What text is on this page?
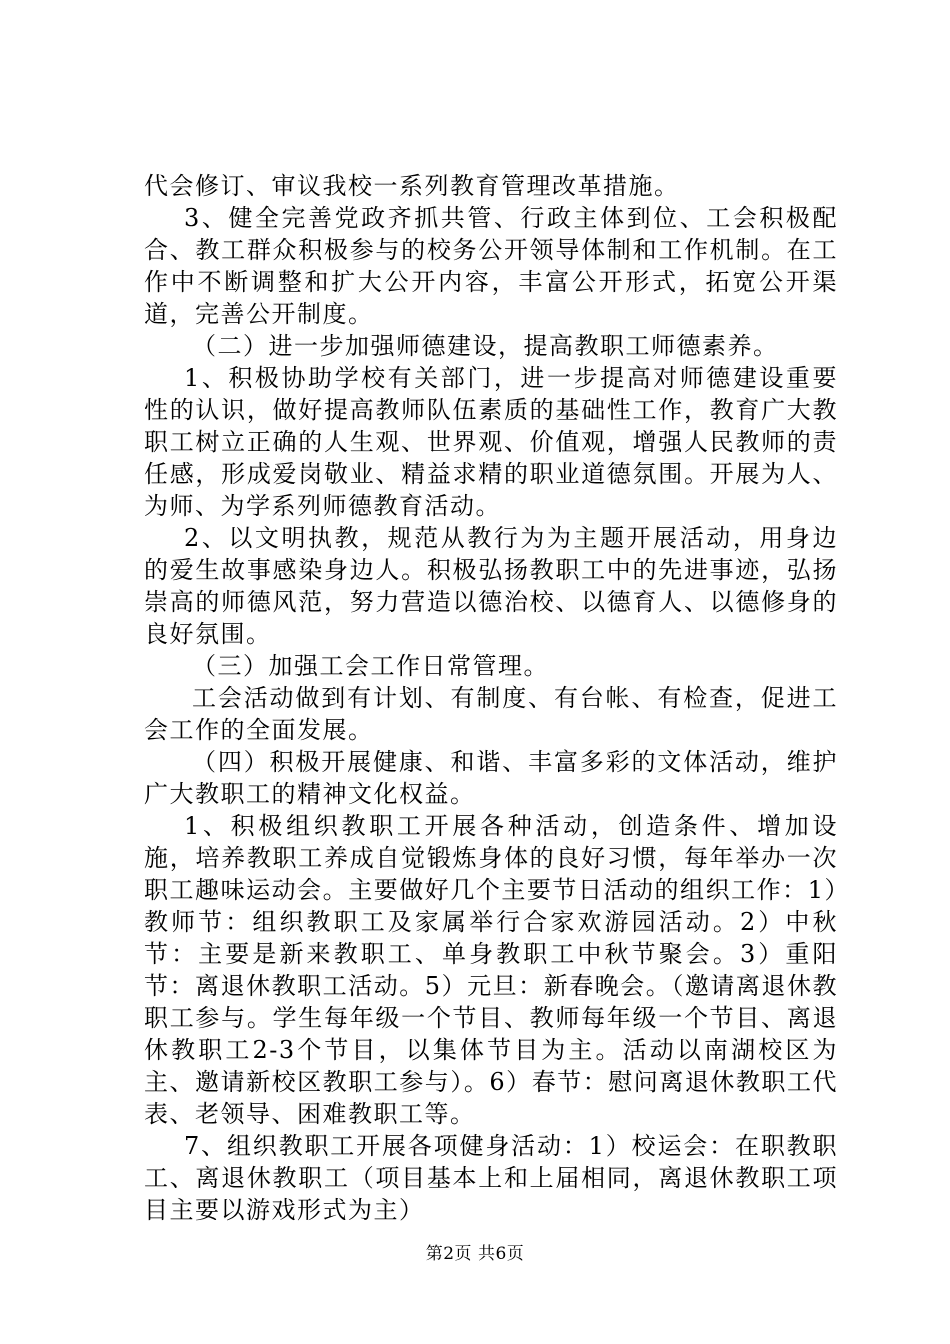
代会修订、审议我校一系列教育管理改革措施。

3、健全完善党政齐抓共管、行政主体到位、工会积极配合、教工群众积极参与的校务公开领导体制和工作机制。在工作中不断调整和扩大公开内容，丰富公开形式，拓宽公开渠道，完善公开制度。

（二）进一步加强师德建设，提高教职工师德素养。

1、积极协助学校有关部门，进一步提高对师德建设重要性的认识，做好提高教师队伍素质的基础性工作，教育广大教职工树立正确的人生观、世界观、价值观，增强人民教师的责任感，形成爱岗敬业、精益求精的职业道德氛围。开展为人、为师、为学系列师德教育活动。

2、以文明执教，规范从教行为为主题开展活动，用身边的爱生故事感染身边人。积极弘扬教职工中的先进事迹，弘扬崇高的师德风范，努力营造以德治校、以德育人、以德修身的良好氛围。

（三）加强工会工作日常管理。

工会活动做到有计划、有制度、有台帐、有检查，促进工会工作的全面发展。

（四）积极开展健康、和谐、丰富多彩的文体活动，维护广大教职工的精神文化权益。

1、积极组织教职工开展各种活动，创造条件、增加设施，培养教职工养成自觉锻炼身体的良好习惯，每年举办一次职工趣味运动会。主要做好几个主要节日活动的组织工作：1）教师节：组织教职工及家属举行合家欢游园活动。2）中秋节：主要是新来教职工、单身教职工中秋节聚会。3）重阳节：离退休教职工活动。5）元旦：新春晚会。（邀请离退休教职工参与。学生每年级一个节目、教师每年级一个节目、离退休教职工2-3个节目，以集体节目为主。活动以南湖校区为主、邀请新校区教职工参与）。6）春节：慰问离退休教职工代表、老领导、困难教职工等。

7、组织教职工开展各项健身活动：1）校运会：在职教职工、离退休教职工（项目基本上和上届相同，离退休教职工项目主要以游戏形式为主）

第2页 共6页
